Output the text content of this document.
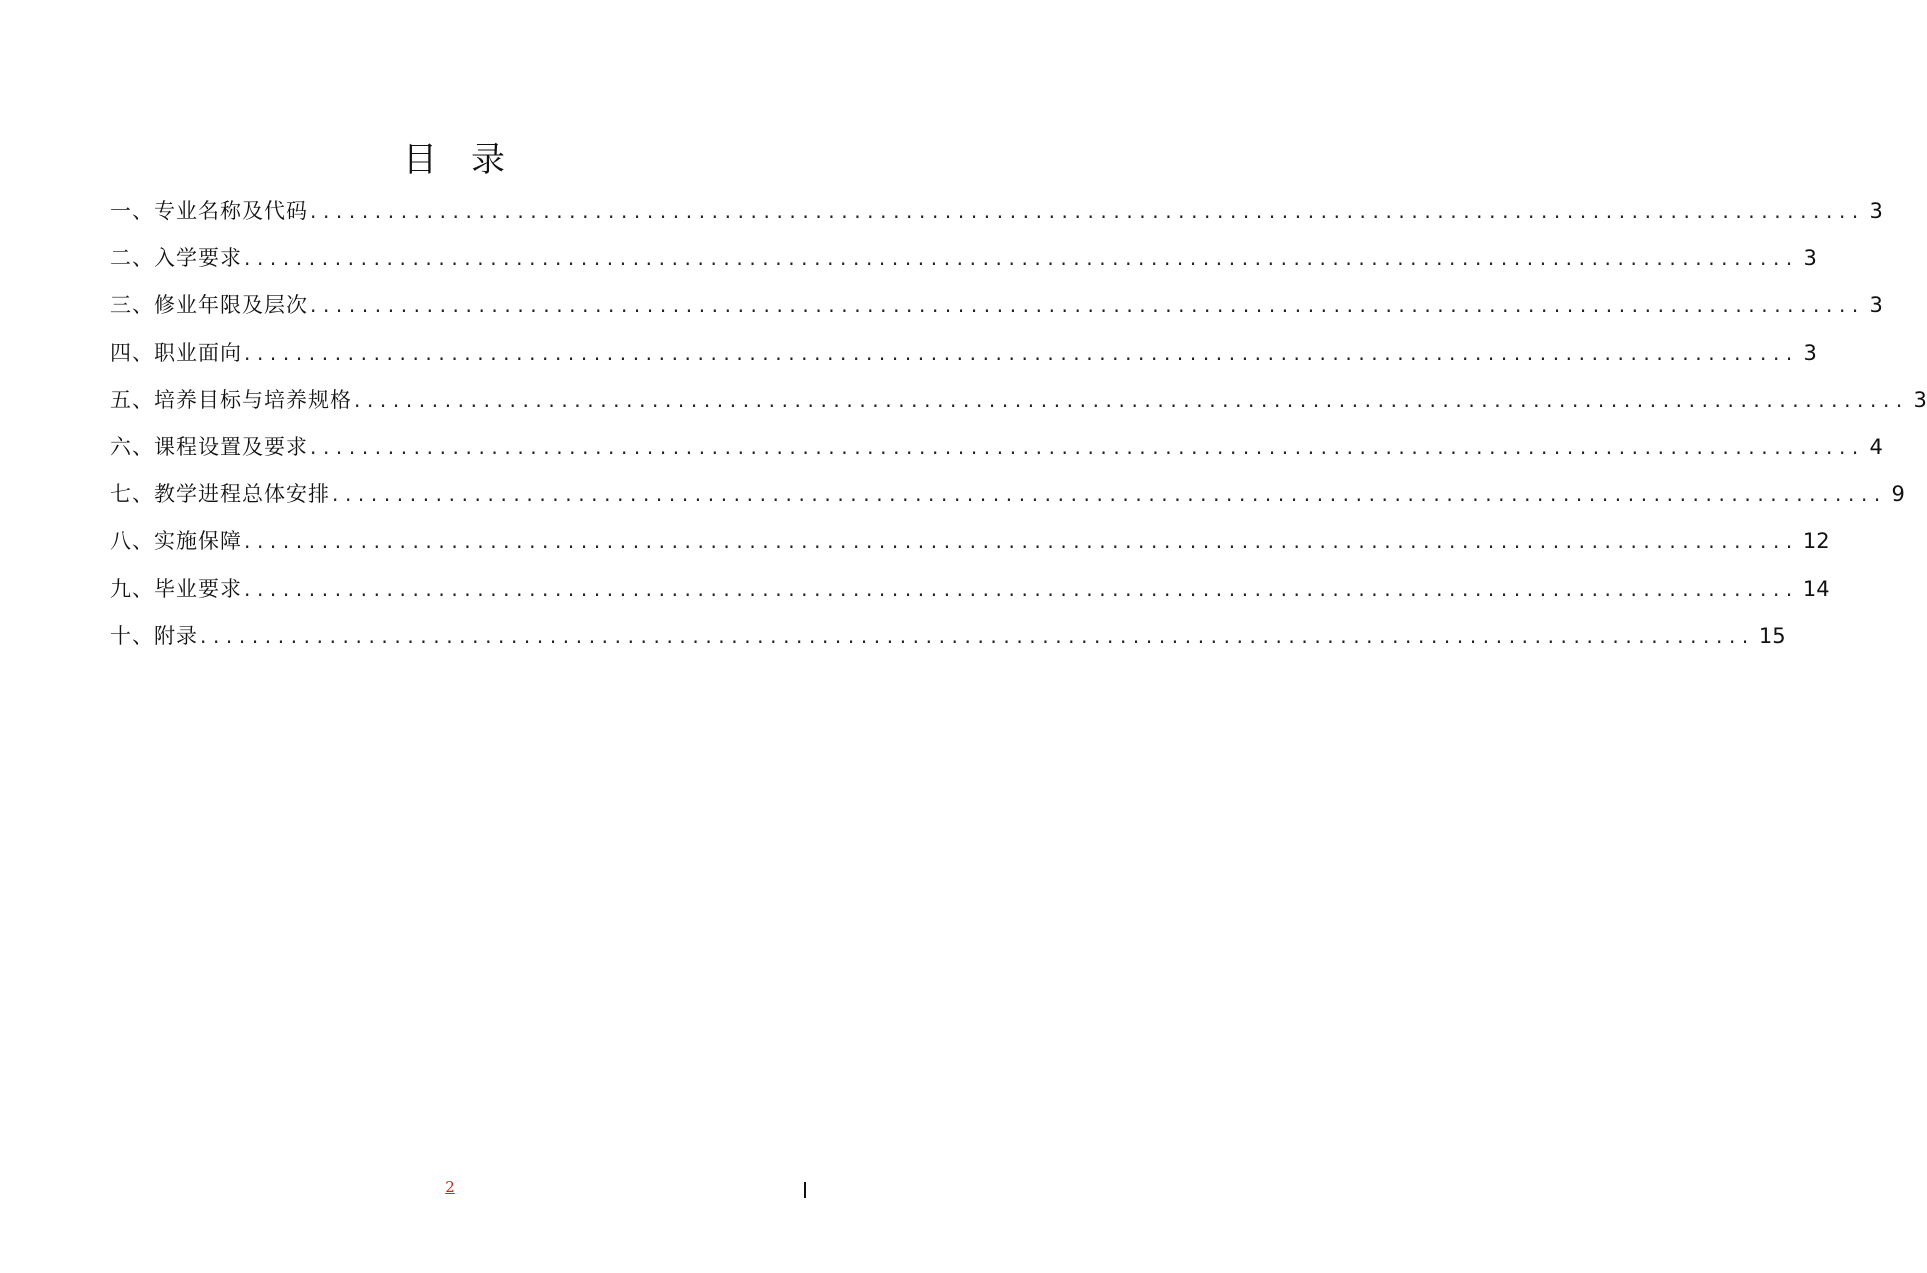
目录
一、专业名称及代码 ........................................................................................................................ 3
二、入学要求 ........................................................................................................................ 3
三、修业年限及层次 ........................................................................................................................ 3
四、职业面向 ........................................................................................................................ 3
五、培养目标与培养规格 ........................................................................................................................ 3
六、课程设置及要求 ........................................................................................................................ 4
七、教学进程总体安排 ........................................................................................................................ 9
八、实施保障 ........................................................................................................................ 12
九、毕业要求 ........................................................................................................................ 14
十、附录 ........................................................................................................................ 15
2
